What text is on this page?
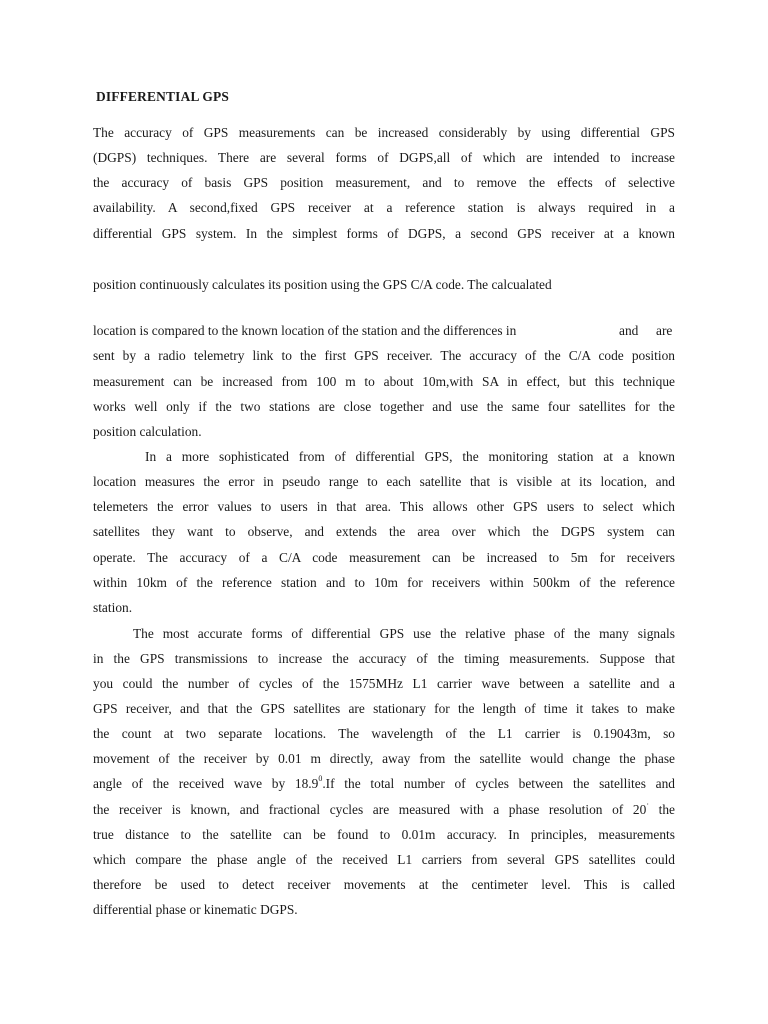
DIFFERENTIAL GPS
The accuracy of GPS measurements can be increased considerably by using differential GPS
(DGPS) techniques. There are several forms of DGPS,all of which are intended to increase
the accuracy of basis GPS position measurement, and to remove the effects of selective
availability. A second,fixed GPS receiver at a reference station is always required in a
differential GPS system. In the simplest forms of DGPS, a second GPS receiver at a known
position continuously calculates its position using the GPS C/A code. The calcualated
location is compared to the known location of the station and the differences in	and are
sent by a radio telemetry link to the first GPS receiver. The accuracy of the C/A code position
measurement can be increased from 100 m to about 10m,with SA in effect, but this technique
works well only if the two stations are close together and use the same four satellites for the
position calculation.
In a more sophisticated from of differential GPS, the monitoring station at a known
location measures the error in pseudo range to each satellite that is visible at its location, and
telemeters the error values to users in that area. This allows other GPS users to select which
satellites they want to observe, and extends the area over which the DGPS system can
operate. The accuracy of a C/A code measurement can be increased to 5m for receivers
within 10km of the reference station and to 10m for receivers within 500km of the reference
station.
The most accurate forms of differential GPS use the relative phase of the many signals
in the GPS transmissions to increase the accuracy of the timing measurements. Suppose that
you could the number of cycles of the 1575MHz L1 carrier wave between a satellite and a
GPS receiver, and that the GPS satellites are stationary for the length of time it takes to make
the count at two separate locations. The wavelength of the L1 carrier is 0.19043m, so
movement of the receiver by 0.01 m directly, away from the satellite would change the phase
angle of the received wave by 18.9$^0$.If the total number of cycles between the satellites and
the receiver is known, and fractional cycles are measured with a phase resolution of 20· the
true distance to the satellite can be found to 0.01m accuracy. In principles, measurements
which compare the phase angle of the received L1 carriers from several GPS satellites could
therefore be used to detect receiver movements at the centimeter level. This is called
differential phase or kinematic DGPS.
